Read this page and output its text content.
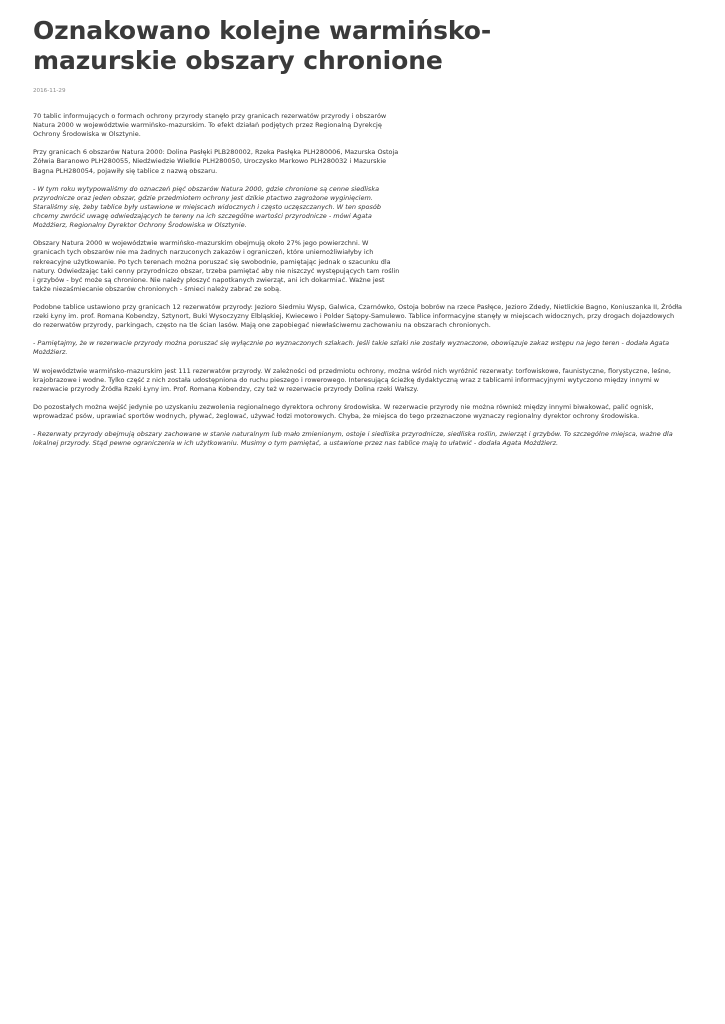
Oznakowano kolejne warmińsko-mazurskie obszary chronione
2016-11-29

70 tablic informujących o formach ochrony przyrody stanęło przy granicach rezerwatów przyrody i obszarów Natura 2000 w województwie warmińsko-mazurskim. To efekt działań podjętych przez Regionalną Dyrekcję Ochrony Środowiska w Olsztynie.

Przy granicach 6 obszarów Natura 2000: Dolina Pasłęki PLB280002, Rzeka Pasłęka PLH280006, Mazurska Ostoja Żółwia Baranowo PLH280055, Niedźwiedzie Wielkie PLH280050, Uroczysko Markowo PLH280032 i Mazurskie Bagna PLH280054, pojawiły się tablice z nazwą obszaru.

- W tym roku wytypowaliśmy do oznaczeń pięć obszarów Natura 2000, gdzie chronione są cenne siedliska przyrodnicze oraz jeden obszar, gdzie przedmiotem ochrony jest dzikie ptactwo zagrożone wyginięciem. Staraliśmy się, żeby tablice były ustawione w miejscach widocznych i często uczęszczanych. W ten sposób chcemy zwrócić uwagę odwiedzających te tereny na ich szczególne wartości przyrodnicze - mówi Agata Możdżierz, Regionalny Dyrektor Ochrony Środowiska w Olsztynie.

Obszary Natura 2000 w województwie warmińsko-mazurskim obejmują około 27% jego powierzchni. W granicach tych obszarów nie ma żadnych narzuconych zakazów i ograniczeń, które uniemożliwiałyby ich rekreacyjne użytkowanie. Po tych terenach można poruszać się swobodnie, pamiętając jednak o szacunku dla natury. Odwiedzając taki cenny przyrodniczo obszar, trzeba pamiętać aby nie niszczyć występujących tam roślin i grzybów - być może są chronione. Nie należy płoszyć napotkanych zwierząt, ani ich dokarmiać. Ważne jest także niezaśmiecanie obszarów chronionych - śmieci należy zabrać ze sobą.

Podobne tablice ustawiono przy granicach 12 rezerwatów przyrody: Jezioro Siedmiu Wysp, Galwica, Czarnówko, Ostoja bobrów na rzece Pasłęce, Jezioro Zdedy, Nietlickie Bagno, Koniuszanka II, Źródła rzeki Łyny im. prof. Romana Kobendzy, Sztynort, Buki Wysoczyzny Elbląskiej, Kwiecewo i Polder Sątopy-Samulewo. Tablice informacyjne stanęły w miejscach widocznych, przy drogach dojazdowych do rezerwatów przyrody, parkingach, często na tle ścian lasów. Mają one zapobiegać niewłaściwemu zachowaniu na obszarach chronionych.

- Pamiętajmy, że w rezerwacie przyrody można poruszać się wyłącznie po wyznaczonych szlakach. Jeśli takie szlaki nie zostały wyznaczone, obowiązuje zakaz wstępu na jego teren - dodała Agata Możdżierz.

W województwie warmińsko-mazurskim jest 111 rezerwatów przyrody. W zależności od przedmiotu ochrony, można wśród nich wyróżnić rezerwaty: torfowiskowe, faunistyczne, florystyczne, leśne, krajobrazowe i wodne. Tylko część z nich została udostępniona do ruchu pieszego i rowerowego. Interesującą ścieżkę dydaktyczną wraz z tablicami informacyjnymi wytyczono między innymi w rezerwacie przyrody Źródła Rzeki Łyny im. Prof. Romana Kobendzy, czy też w rezerwacie przyrody Dolina rzeki Wałszy.

Do pozostałych można wejść jedynie po uzyskaniu zezwolenia regionalnego dyrektora ochrony środowiska. W rezerwacie przyrody nie można również między innymi biwakować, palić ognisk, wprowadzać psów, uprawiać sportów wodnych, pływać, żeglować, używać łodzi motorowych. Chyba, że miejsca do tego przeznaczone wyznaczy regionalny dyrektor ochrony środowiska.

- Rezerwaty przyrody obejmują obszary zachowane w stanie naturalnym lub mało zmienionym, ostoje i siedliska przyrodnicze, siedliska roślin, zwierząt i grzybów. To szczególne miejsca, ważne dla lokalnej przyrody. Stąd pewne ograniczenia w ich użytkowaniu. Musimy o tym pamiętać, a ustawione przez nas tablice mają to ułatwić - dodała Agata Możdżierz.
